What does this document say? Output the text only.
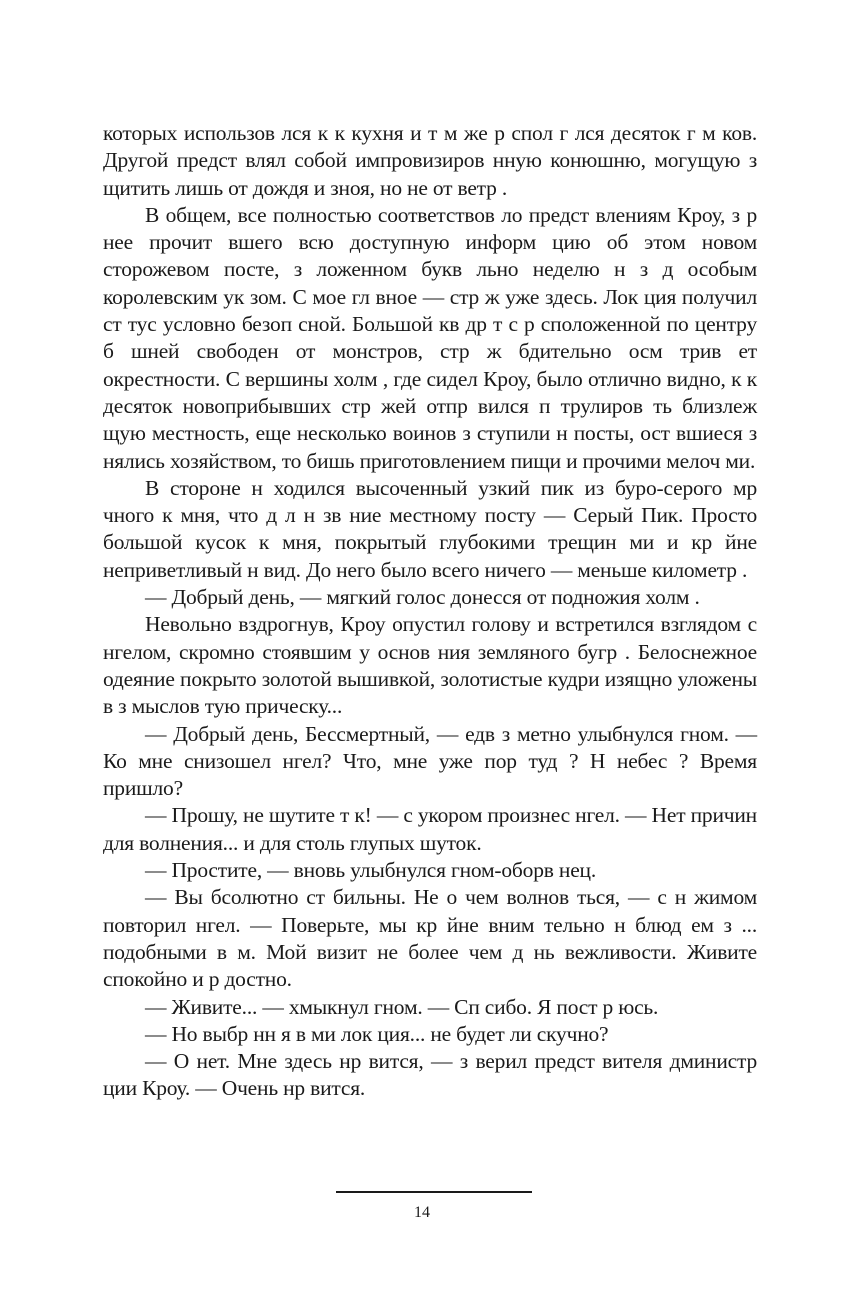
которых использов лся к к кухня и т м же р спол г лся десяток г м ков. Другой предст влял собой импровизиров нную конюшню, могущую з щитить лишь от дождя и зноя, но не от ветр .

В общем, все полностью соответствов ло предст влениям Кроу, з р нее прочит вшего всю доступную информ цию об этом новом сторожевом посте, з ложенном букв льно неделю н з д особым королевским ук зом. С мое гл вное — стр ж уже здесь. Лок ция получил ст тус условно безоп сной. Большой кв др т с р сположенной по центру б шней свободен от монстров, стр ж бдительно осм трив ет окрестности. С вершины холм , где сидел Кроу, было отлично видно, к к десяток новоприбывших стр жей отпр вился п трулиров ть близлеж щую местность, еще несколько воинов з ступили н посты, ост вшиеся з нялись хозяйством, то бишь приготовлением пищи и прочими мелоч ми.

В стороне н ходился высоченный узкий пик из буро-серого мр чного к мня, что д л н зв ние местному посту — Серый Пик. Просто большой кусок к мня, покрытый глубокими трещин ми и кр йне неприветливый н вид. До него было всего ничего — меньше километр .

— Добрый день, — мягкий голос донесся от подножия холм .

Невольно вздрогнув, Кроу опустил голову и встретился взглядом с нгелом, скромно стоявшим у основ ния земляного бугр . Белоснежное одеяние покрыто золотой вышивкой, золотистые кудри изящно уложены в з мыслов тую прическу...

— Добрый день, Бессмертный, — едв з метно улыбнулся гном. — Ко мне снизошел нгел? Что, мне уже пор туд ? Н небес ? Время пришло?

— Прошу, не шутите т к! — с укором произнес нгел. — Нет причин для волнения... и для столь глупых шуток.

— Простите, — вновь улыбнулся гном-оборв нец.

— Вы бсолютно ст бильны. Не о чем волнов ться, — с н жимом повторил нгел. — Поверьте, мы кр йне вним тельно н блюд ем з ... подобными в м. Мой визит не более чем д нь вежливости. Живите спокойно и р достно.

— Живите... — хмыкнул гном. — Сп сибо. Я пост р юсь.

— Но выбр нн я в ми лок ция... не будет ли скучно?

— О нет. Мне здесь нр вится, — з верил предст вителя дминистр ции Кроу. — Очень нр вится.

14
